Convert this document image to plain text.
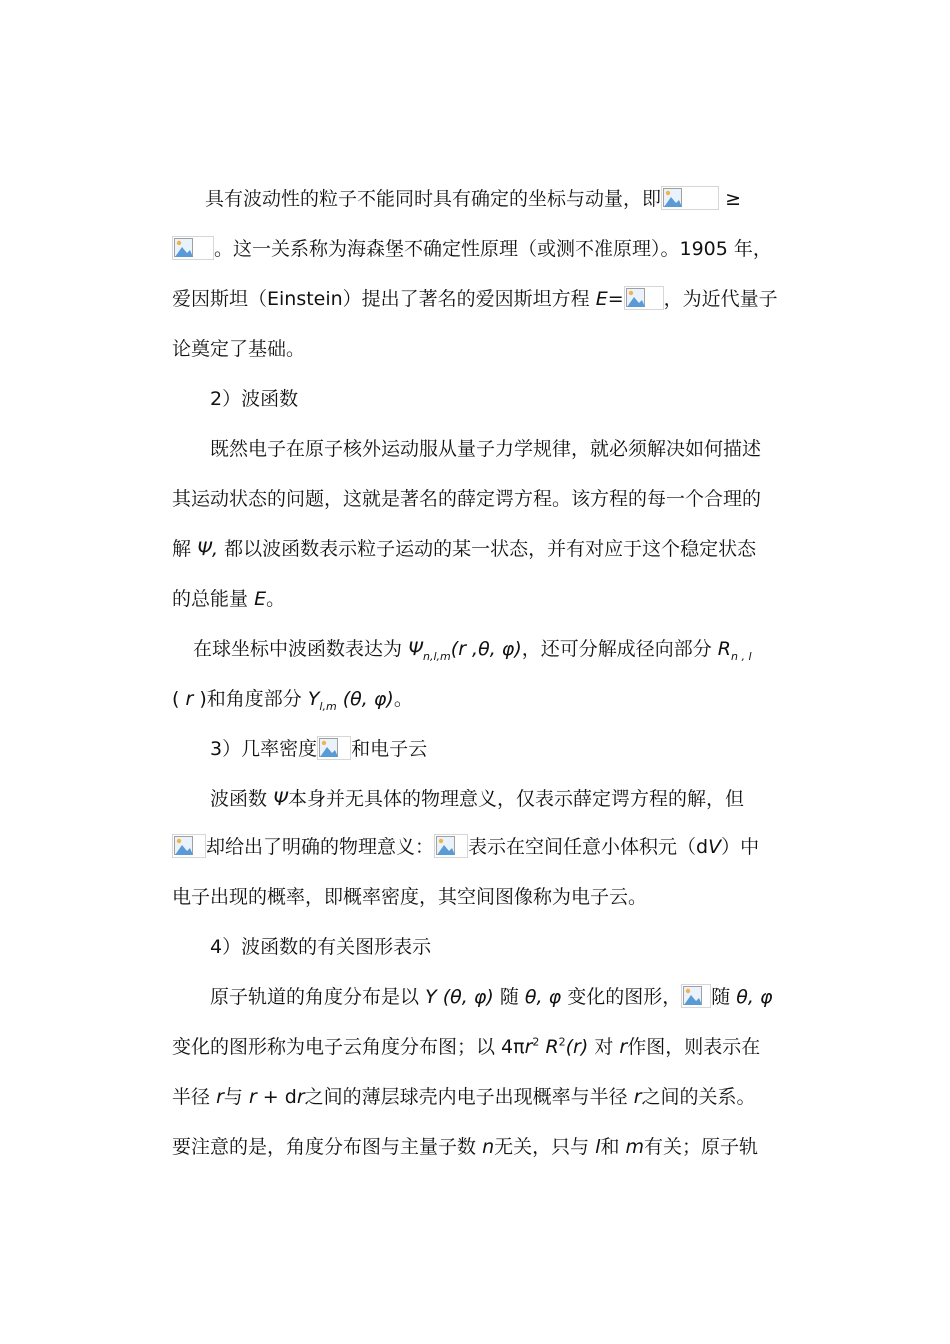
具有波动性的粒子不能同时具有确定的坐标与动量，即	≥
。这一关系称为海森堡不确定性原理（或测不准原理）。1905 年，
爱因斯坦（Einstein）提出了著名的爱因斯坦方程 E= ，为近代量子
论奠定了基础。
2）波函数
既然电子在原子核外运动服从量子力学规律，就必须解决如何描述
其运动状态的问题，这就是著名的薛定谔方程。该方程的每一个合理的
解 Ψ, 都以波函数表示粒子运动的某一状态，并有对应于这个稳定状态
的总能量 E。
在球坐标中波函数表达为 $\Psi_{n,l,m}(r$ ,θ, φ)，还可分解成径向部分 $R_{n , l}$
( r )和角度部分 $Y_{l,m}$ (θ, φ)。
3）几率密度 和电子云
波函数 Ψ本身并无具体的物理意义，仅表示薛定谔方程的解，但
却给出了明确的物理意义： 表示在空间任意小体积元（dV）中
电子出现的概率，即概率密度，其空间图像称为电子云。
4）波函数的有关图形表示
原子轨道的角度分布是以 Y (θ, φ) 随 θ, φ 变化的图形， 随 θ, φ
变化的图形称为电子云角度分布图；以 $4\pi r^2$ $R^2(r)$ 对 r作图，则表示在
半径 r与 r + dr之间的薄层球壳内电子出现概率与半径 r之间的关系。
要注意的是，角度分布图与主量子数 n无关，只与 l和 m有关；原子轨
